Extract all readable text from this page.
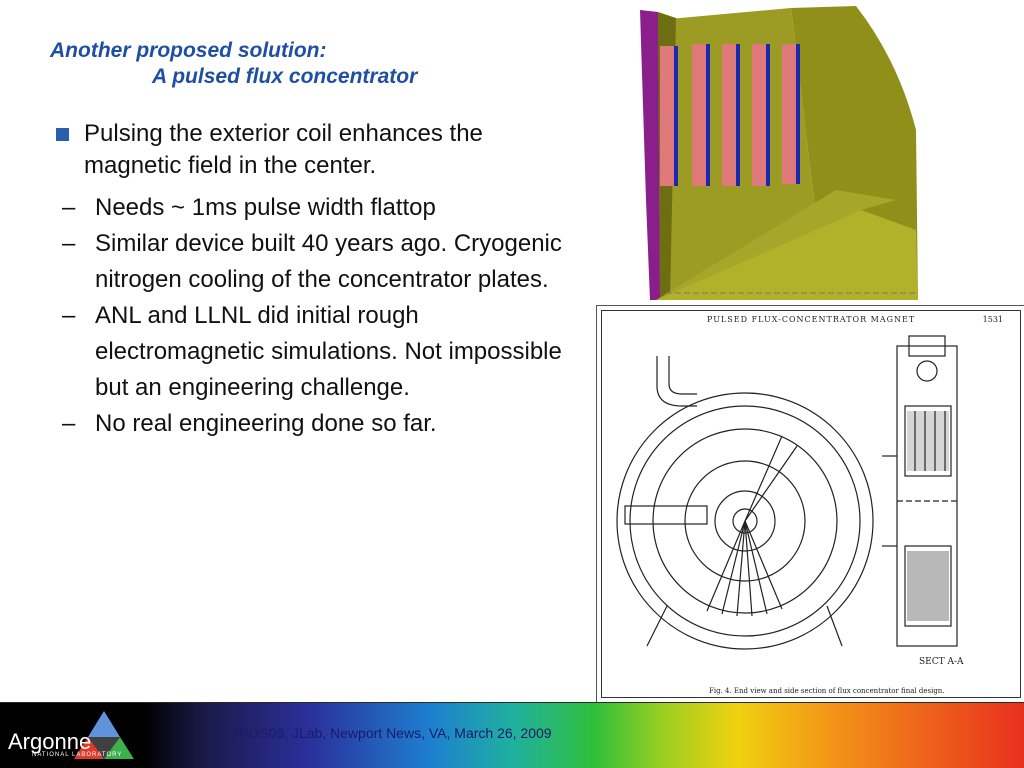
Another proposed solution:
A pulsed flux concentrator
Pulsing the exterior coil enhances the magnetic field in the center.
– Needs ~ 1ms pulse width flattop
– Similar device built 40 years ago. Cryogenic nitrogen cooling of the concentrator plates.
– ANL and LLNL did initial rough electromagnetic simulations. Not impossible but an engineering challenge.
– No real engineering done so far.
PULSED FLUX-CONCENTRATOR MAGNET	1531
SECT A-A
Fig. 4. End view and side section of flux concentrator final design.
Argonne
NATIONAL LABORATORY
JPOS09, JLab, Newport News, VA, March 26, 2009
